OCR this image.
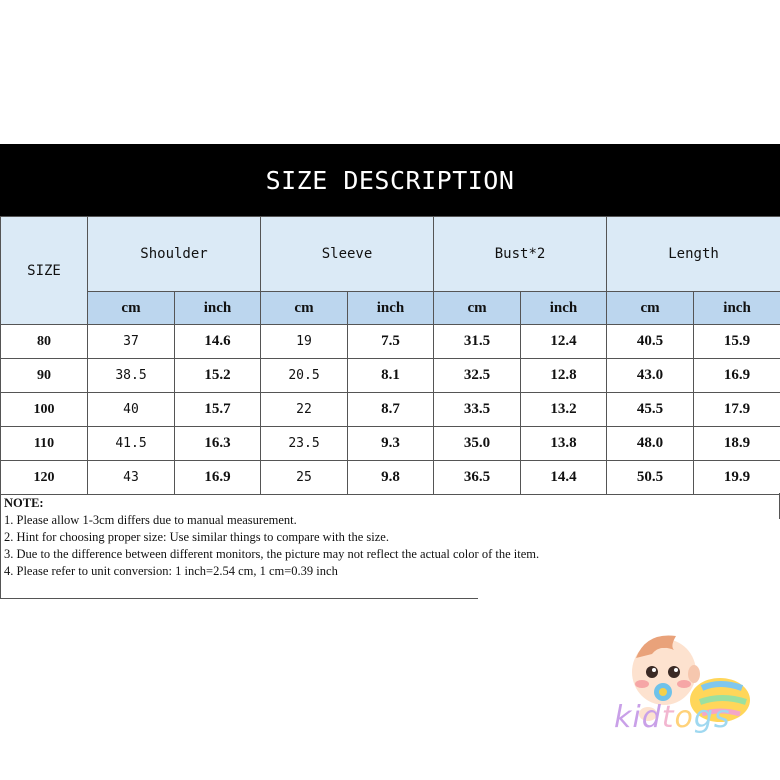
SIZE DESCRIPTION
SIZE	Shoulder		Sleeve		Bust*2		Length	
	cm	inch	cm	inch	cm	inch	cm	inch
80	37	14.6	19	7.5	31.5	12.4	40.5	15.9
90	38.5	15.2	20.5	8.1	32.5	12.8	43.0	16.9
100	40	15.7	22	8.7	33.5	13.2	45.5	17.9
110	41.5	16.3	23.5	9.3	35.0	13.8	48.0	18.9
120	43	16.9	25	9.8	36.5	14.4	50.5	19.9
NOTE:
1. Please allow 1-3cm differs due to manual measurement.
2. Hint for choosing proper size: Use similar things to compare with the size.
3. Due to the difference between different monitors, the picture may not reflect the actual color of the item.
4. Please refer to unit conversion: 1 inch=2.54 cm, 1 cm=0.39 inch
kidtogs
